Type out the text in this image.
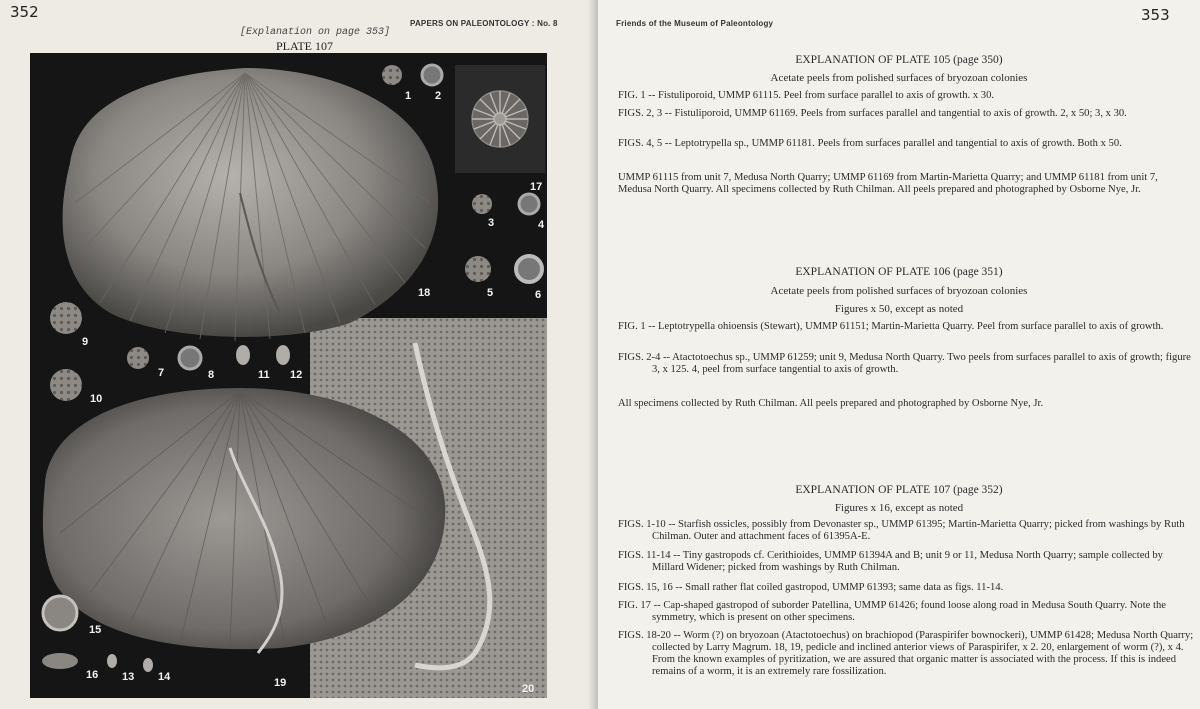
352
PAPERS ON PALEONTOLOGY : No. 8
[Explanation on page 353]
PLATE 107
1 2
17
3	4
18	5	6
9
7	8	11 12
10
19
15
16 13 14
20
Friends of the Museum of Paleontology	353
EXPLANATION OF PLATE 105 (page 350)
Acetate peels from polished surfaces of bryozoan colonies
FIG. 1 -- Fistuliporoid, UMMP 61115. Peel from surface parallel to axis of growth. x 30.
FIGS. 2, 3 -- Fistuliporoid, UMMP 61169. Peels from surfaces parallel and tangential to axis of growth. 2, x 50; 3, x 30.
FIGS. 4, 5 -- Leptotrypella sp., UMMP 61181. Peels from surfaces parallel and tangential to axis of growth. Both x 50.
UMMP 61115 from unit 7, Medusa North Quarry; UMMP 61169 from Martin-Marietta Quarry; and UMMP 61181 from unit 7, Medusa North Quarry. All specimens collected by Ruth Chilman. All peels prepared and photographed by Osborne Nye, Jr.
EXPLANATION OF PLATE 106 (page 351)
Acetate peels from polished surfaces of bryozoan colonies
Figures x 50, except as noted
FIG. 1 -- Leptotrypella ohioensis (Stewart), UMMP 61151; Martin-Marietta Quarry. Peel from surface parallel to axis of growth.
FIGS. 2-4 -- Atactotoechus sp., UMMP 61259; unit 9, Medusa North Quarry. Two peels from surfaces parallel to axis of growth; figure 3, x 125. 4, peel from surface tangential to axis of growth.
All specimens collected by Ruth Chilman. All peels prepared and photographed by Osborne Nye, Jr.
EXPLANATION OF PLATE 107 (page 352)
Figures x 16, except as noted
FIGS. 1-10 -- Starfish ossicles, possibly from Devonaster sp., UMMP 61395; Martin-Marietta Quarry; picked from washings by Ruth Chilman. Outer and attachment faces of 61395A-E.
FIGS. 11-14 -- Tiny gastropods cf. Cerithioides, UMMP 61394A and B; unit 9 or 11, Medusa North Quarry; sample collected by Millard Widener; picked from washings by Ruth Chilman.
FIGS. 15, 16 -- Small rather flat coiled gastropod, UMMP 61393; same data as figs. 11-14.
FIG. 17 -- Cap-shaped gastropod of suborder Patellina, UMMP 61426; found loose along road in Medusa South Quarry. Note the symmetry, which is present on other specimens.
FIGS. 18-20 -- Worm (?) on bryozoan (Atactotoechus) on brachiopod (Paraspirifer bownockeri), UMMP 61428; Medusa North Quarry; collected by Larry Magrum. 18, 19, pedicle and inclined anterior views of Paraspirifer, x 2. 20, enlargement of worm (?), x 4. From the known examples of pyritization, we are assured that organic matter is associated with the process. If this is indeed remains of a worm, it is an extremely rare fossilization.
